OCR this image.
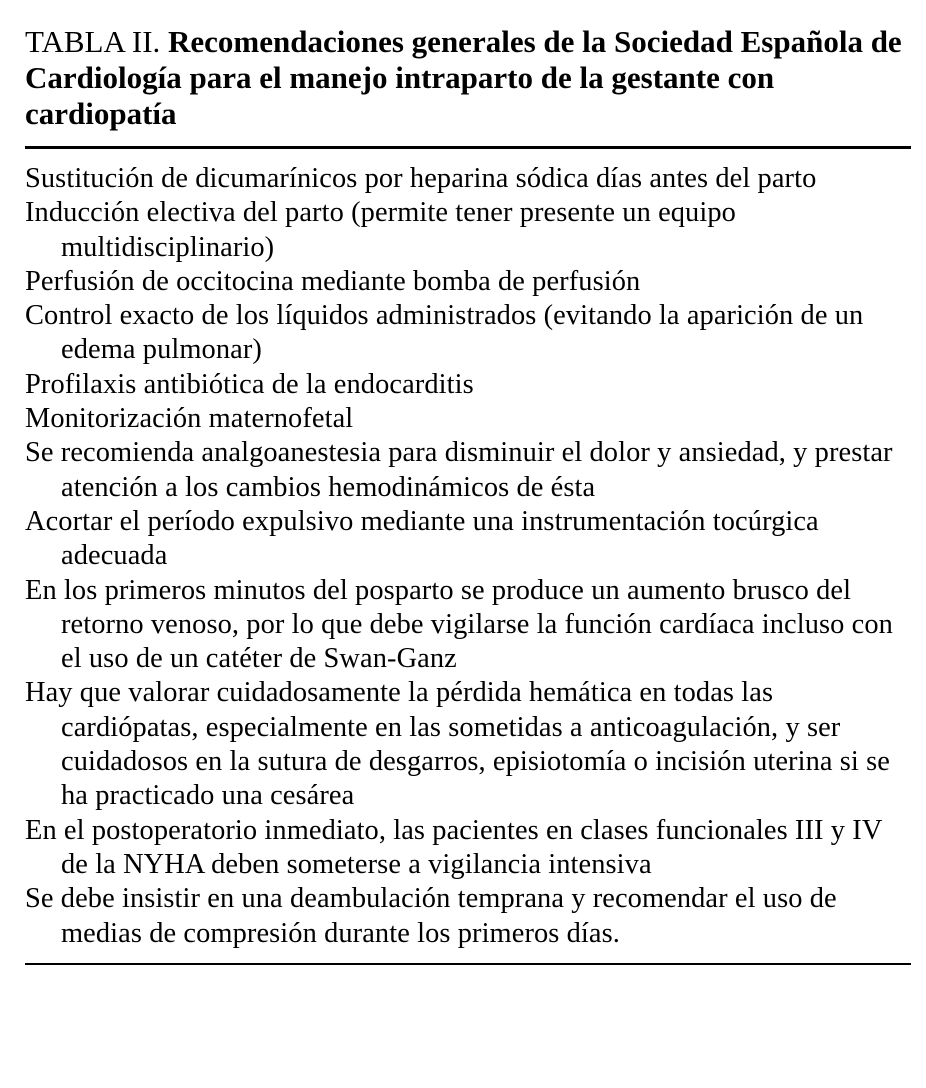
TABLA II. Recomendaciones generales de la Sociedad Española de Cardiología para el manejo intraparto de la gestante con cardiopatía
Sustitución de dicumarínicos por heparina sódica días antes del parto
Inducción electiva del parto (permite tener presente un equipo multidisciplinario)
Perfusión de occitocina mediante bomba de perfusión
Control exacto de los líquidos administrados (evitando la aparición de un edema pulmonar)
Profilaxis antibiótica de la endocarditis
Monitorización maternofetal
Se recomienda analgoanestesia para disminuir el dolor y ansiedad, y prestar atención a los cambios hemodinámicos de ésta
Acortar el período expulsivo mediante una instrumentación tocúrgica adecuada
En los primeros minutos del posparto se produce un aumento brusco del retorno venoso, por lo que debe vigilarse la función cardíaca incluso con el uso de un catéter de Swan-Ganz
Hay que valorar cuidadosamente la pérdida hemática en todas las cardiópatas, especialmente en las sometidas a anticoagulación, y ser cuidadosos en la sutura de desgarros, episiotomía o incisión uterina si se ha practicado una cesárea
En el postoperatorio inmediato, las pacientes en clases funcionales III y IV de la NYHA deben someterse a vigilancia intensiva
Se debe insistir en una deambulación temprana y recomendar el uso de medias de compresión durante los primeros días.
